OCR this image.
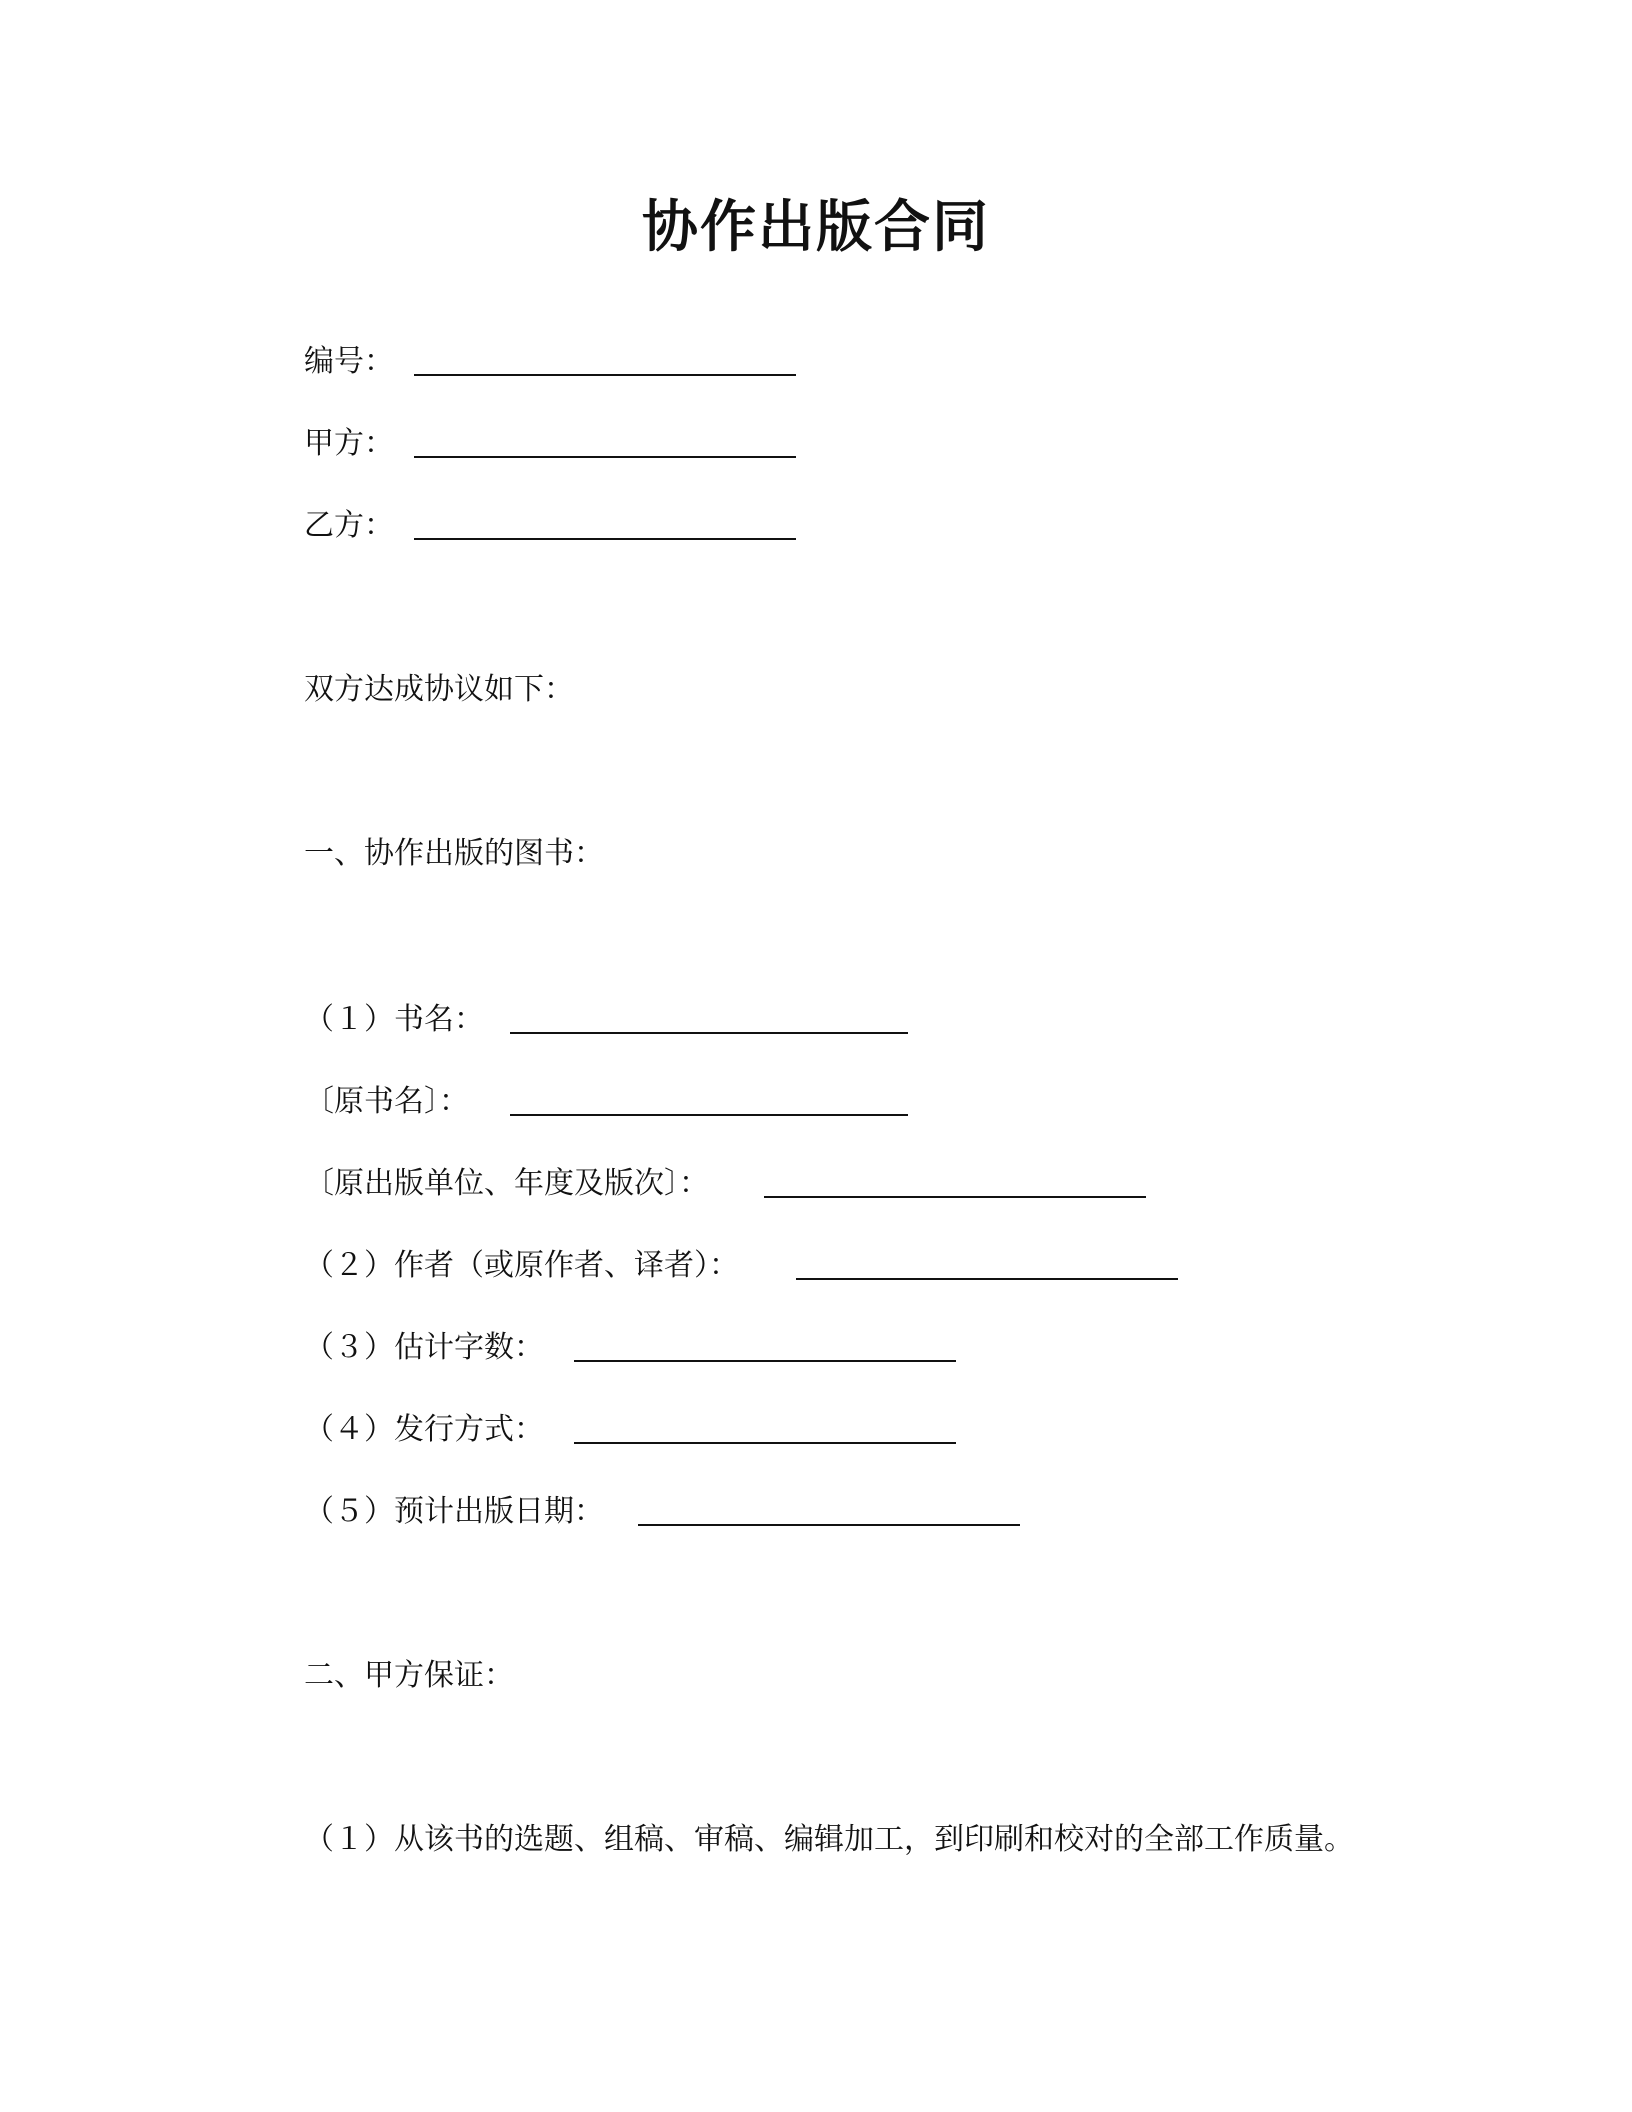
协作出版合同
编号：
甲方：
乙方：
双方达成协议如下：
一、协作出版的图书：
（１）书名：
〔原书名〕：
〔原出版单位、年度及版次〕：
（２）作者（或原作者、译者）：
（３）估计字数：
（４）发行方式：
（５）预计出版日期：
二、甲方保证：
（１）从该书的选题、组稿、审稿、编辑加工，到印刷和校对的全部工作质量。
